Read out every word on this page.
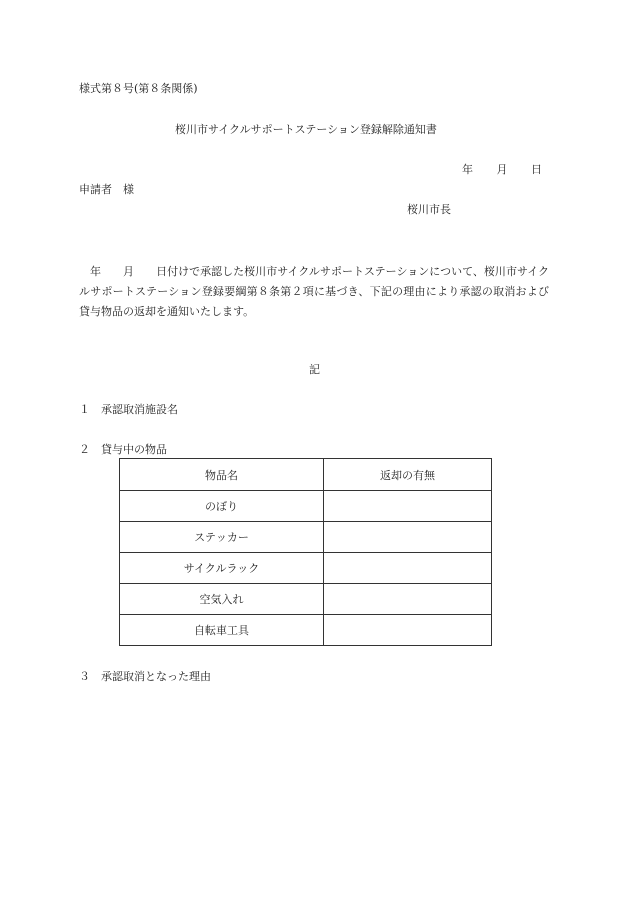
様式第８号(第８条関係)
桜川市サイクルサポートステーション登録解除通知書
年 月 日
申請者　様
桜川市長

年　　月　　日付けで承認した桜川市サイクルサポートステーションについて、桜川市サイクルサポートステーション登録要綱第８条第２項に基づき、下記の理由により承認の取消および貸与物品の返却を通知いたします。

記
１ 承認取消施設名
２ 貸与中の物品
物品名	返却の有無
のぼり	
ステッカー	
サイクルラック	
空気入れ	
自転車工具	
３ 承認取消となった理由
